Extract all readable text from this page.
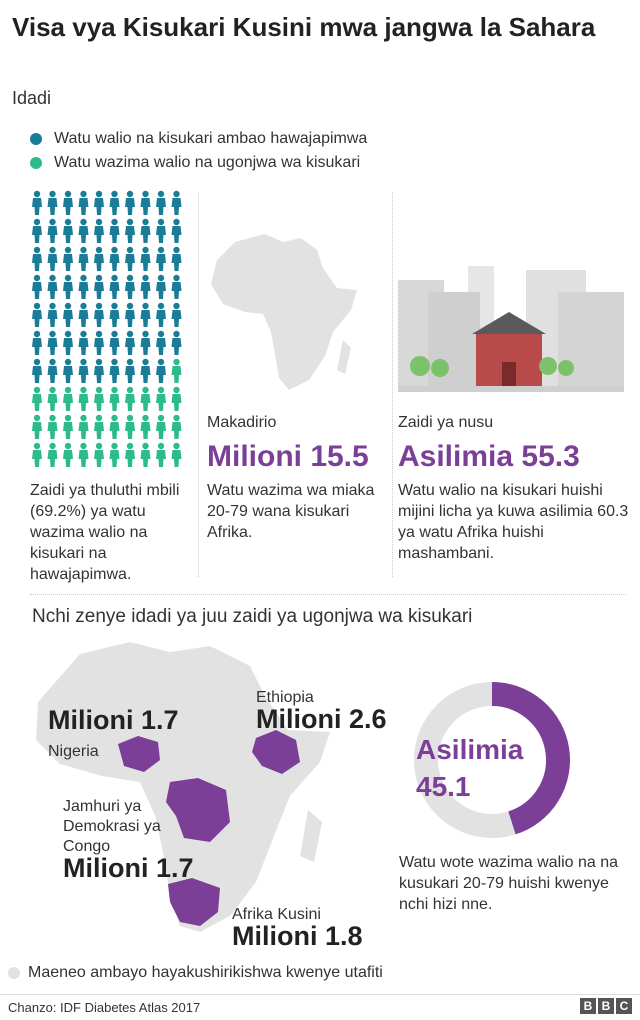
Visa vya Kisukari Kusini mwa jangwa la Sahara
Idadi
Watu walio na kisukari ambao hawajapimwa
Watu wazima walio na ugonjwa wa kisukari
Zaidi ya thuluthi mbili (69.2%) ya watu wazima walio na kisukari na hawajapimwa.
Makadirio
Milioni 15.5
Watu wazima wa miaka 20-79 wana kisukari Afrika.
Zaidi ya nusu
Asilimia 55.3
Watu walio na kisukari huishi mijini licha ya kuwa asilimia 60.3 ya watu Afrika huishi mashambani.
Nchi zenye idadi ya juu zaidi ya ugonjwa wa kisukari
Milioni 1.7
Nigeria
Ethiopia
Milioni 2.6
Jamhuri ya Demokrasi ya Congo
Milioni 1.7
Afrika Kusini
Milioni 1.8
Asilimia
45.1
Watu wote wazima walio na na kusukari 20-79 huishi kwenye nchi hizi nne.
Maeneo ambayo hayakushirikishwa kwenye utafiti
Chanzo: IDF Diabetes Atlas 2017	B B C
